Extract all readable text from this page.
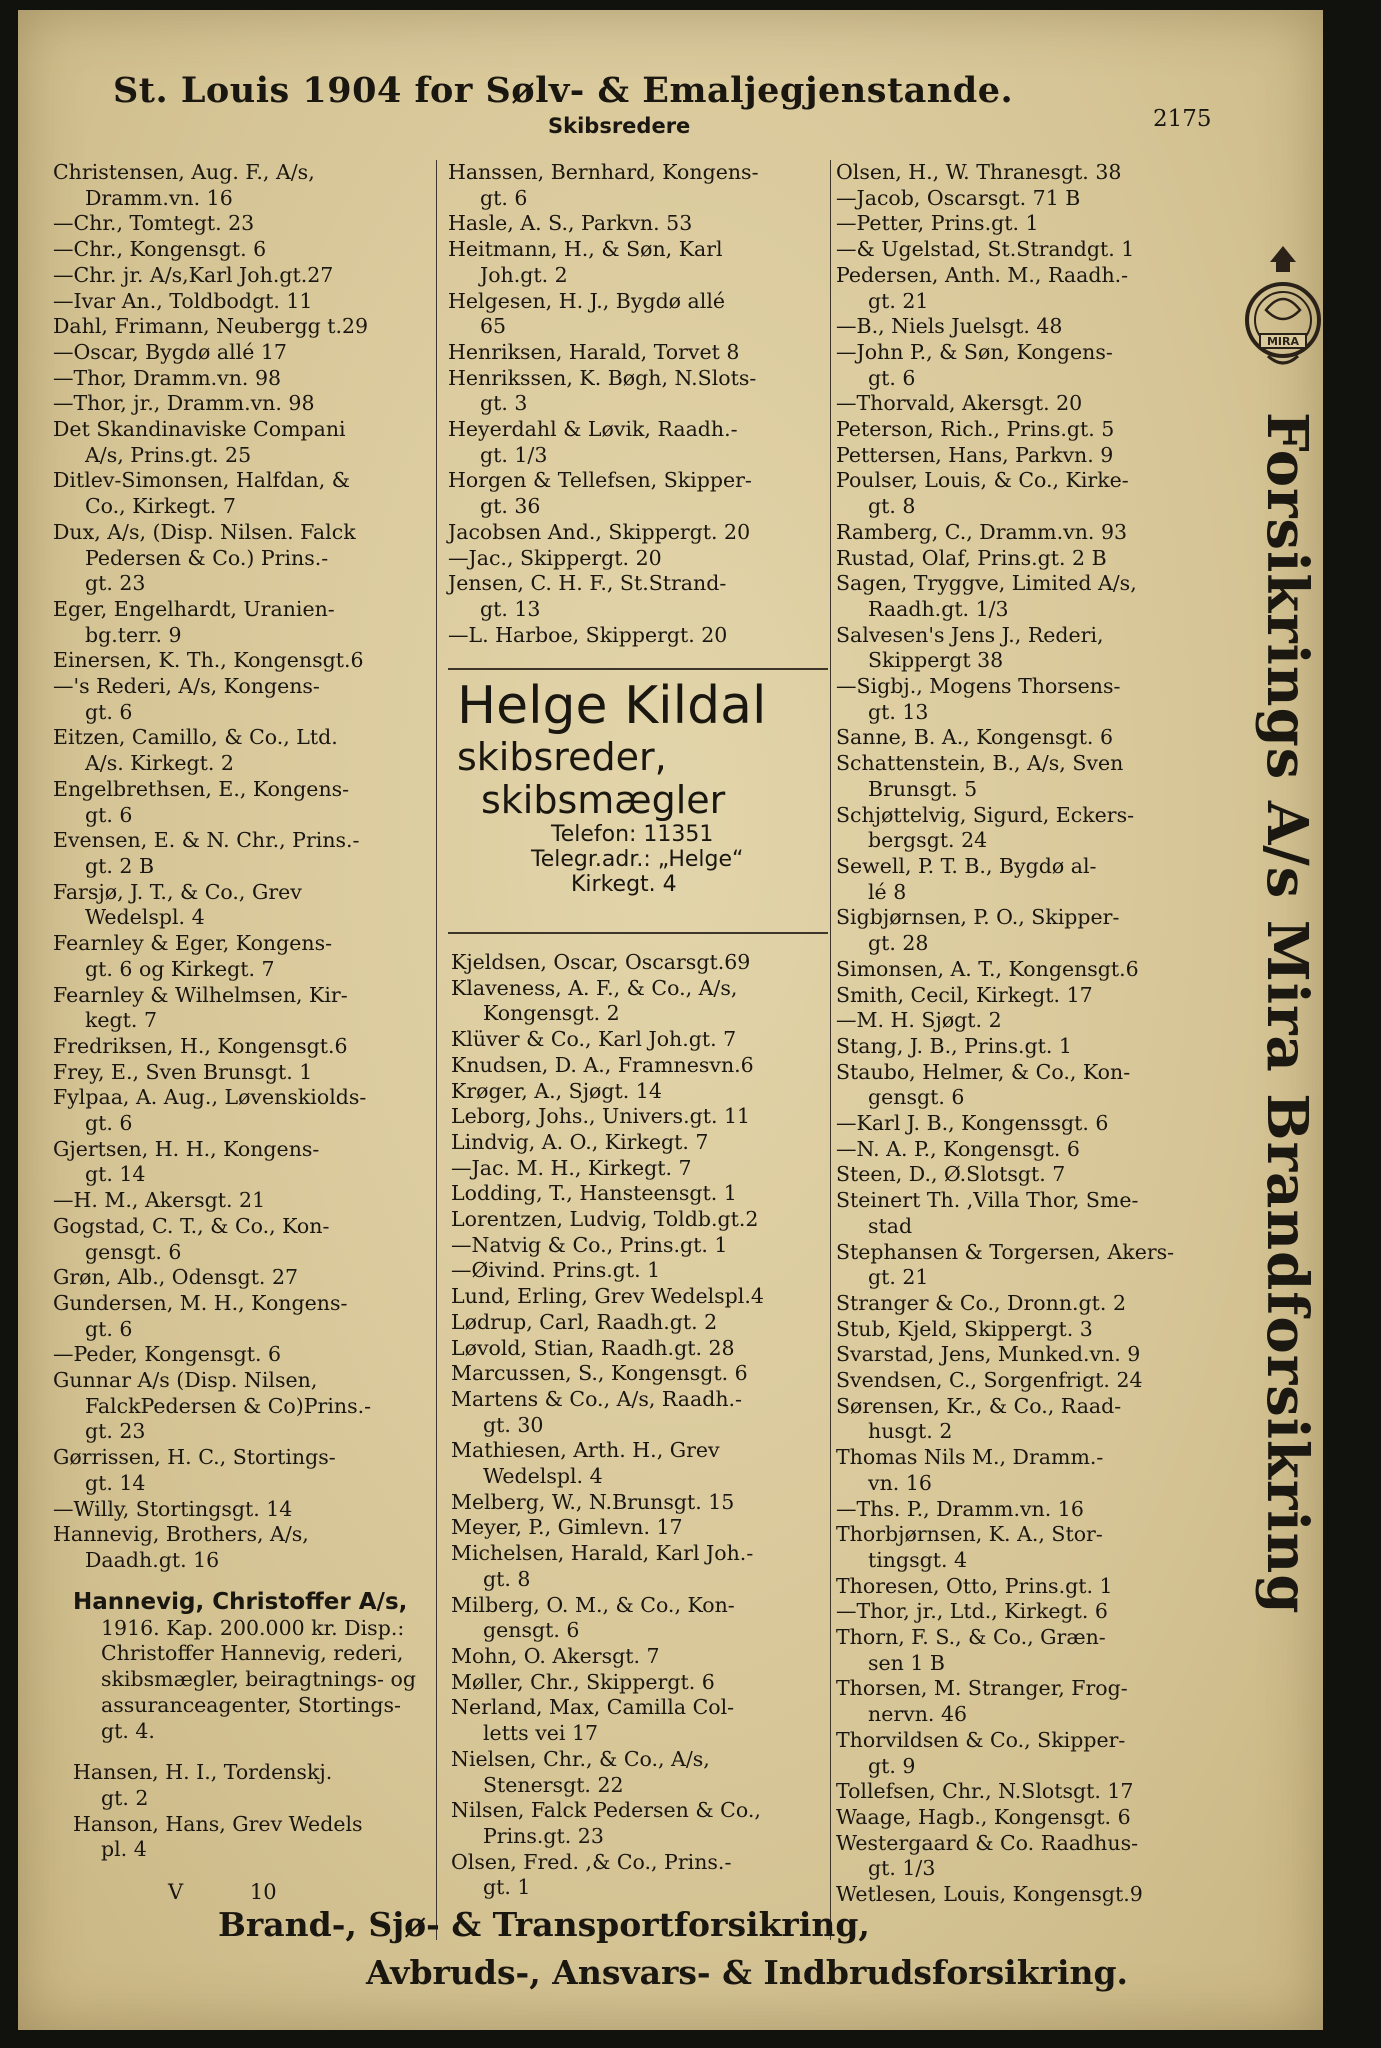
St. Louis 1904 for Sølv- & Emaljegjenstande.
Skibsredere	2175
Christensen, Aug. F., A/s,
Dramm.vn. 16
—Chr., Tomtegt. 23
—Chr., Kongensgt. 6
—Chr. jr. A/s,Karl Joh.gt.27
—Ivar An., Toldbodgt. 11
Dahl, Frimann, Neubergg t.29
—Oscar, Bygdø allé 17
—Thor, Dramm.vn. 98
—Thor, jr., Dramm.vn. 98
Det Skandinaviske Compani
A/s, Prins.gt. 25
Ditlev-Simonsen, Halfdan, &
Co., Kirkegt. 7
Dux, A/s, (Disp. Nilsen. Falck
Pedersen & Co.) Prins.-
gt. 23
Eger, Engelhardt, Uranien-
bg.terr. 9
Einersen, K. Th., Kongensgt.6
—'s Rederi, A/s, Kongens-
gt. 6
Eitzen, Camillo, & Co., Ltd.
A/s. Kirkegt. 2
Engelbrethsen, E., Kongens-
gt. 6
Evensen, E. & N. Chr., Prins.-
gt. 2 B
Farsjø, J. T., & Co., Grev
Wedelspl. 4
Fearnley & Eger, Kongens-
gt. 6 og Kirkegt. 7
Fearnley & Wilhelmsen, Kir-
kegt. 7
Fredriksen, H., Kongensgt.6
Frey, E., Sven Brunsgt. 1
Fylpaa, A. Aug., Løvenskiolds-
gt. 6
Gjertsen, H. H., Kongens-
gt. 14
—H. M., Akersgt. 21
Gogstad, C. T., & Co., Kon-
gensgt. 6
Grøn, Alb., Odensgt. 27
Gundersen, M. H., Kongens-
gt. 6
—Peder, Kongensgt. 6
Gunnar A/s (Disp. Nilsen,
FalckPedersen & Co)Prins.-
gt. 23
Gørrissen, H. C., Stortings-
gt. 14
—Willy, Stortingsgt. 14
Hannevig, Brothers, A/s,
Daadh.gt. 16
Hanssen, Bernhard, Kongens-
gt. 6
Hasle, A. S., Parkvn. 53
Heitmann, H., & Søn, Karl
Joh.gt. 2
Helgesen, H. J., Bygdø allé
65
Henriksen, Harald, Torvet 8
Henrikssen, K. Bøgh, N.Slots-
gt. 3
Heyerdahl & Løvik, Raadh.-
gt. 1/3
Horgen & Tellefsen, Skipper-
gt. 36
Jacobsen And., Skippergt. 20
—Jac., Skippergt. 20
Jensen, C. H. F., St.Strand-
gt. 13
—L. Harboe, Skippergt. 20
Helge Kildal
skibsreder,
skibsmægler
Telefon: 11351
Telegr.adr.: „Helge“
Kirkegt. 4
Kjeldsen, Oscar, Oscarsgt.69
Klaveness, A. F., & Co., A/s,
Kongensgt. 2
Klüver & Co., Karl Joh.gt. 7
Knudsen, D. A., Framnesvn.6
Krøger, A., Sjøgt. 14
Leborg, Johs., Univers.gt. 11
Lindvig, A. O., Kirkegt. 7
—Jac. M. H., Kirkegt. 7
Lodding, T., Hansteensgt. 1
Lorentzen, Ludvig, Toldb.gt.2
—Natvig & Co., Prins.gt. 1
—Øivind. Prins.gt. 1
Lund, Erling, Grev Wedelspl.4
Lødrup, Carl, Raadh.gt. 2
Løvold, Stian, Raadh.gt. 28
Marcussen, S., Kongensgt. 6
Martens & Co., A/s, Raadh.-
gt. 30
Mathiesen, Arth. H., Grev
Wedelspl. 4
Melberg, W., N.Brunsgt. 15
Meyer, P., Gimlevn. 17
Michelsen, Harald, Karl Joh.-
gt. 8
Milberg, O. M., & Co., Kon-
gensgt. 6
Mohn, O. Akersgt. 7
Møller, Chr., Skippergt. 6
Nerland, Max, Camilla Col-
letts vei 17
Nielsen, Chr., & Co., A/s,
Stenersgt. 22
Nilsen, Falck Pedersen & Co.,
Prins.gt. 23
Olsen, Fred. ,& Co., Prins.-
gt. 1
Olsen, H., W. Thranesgt. 38
—Jacob, Oscarsgt. 71 B
—Petter, Prins.gt. 1
—& Ugelstad, St.Strandgt. 1
Pedersen, Anth. M., Raadh.-
gt. 21
—B., Niels Juelsgt. 48
—John P., & Søn, Kongens-
gt. 6
—Thorvald, Akersgt. 20
Peterson, Rich., Prins.gt. 5
Pettersen, Hans, Parkvn. 9
Poulser, Louis, & Co., Kirke-
gt. 8
Ramberg, C., Dramm.vn. 93
Rustad, Olaf, Prins.gt. 2 B
Sagen, Tryggve, Limited A/s,
Raadh.gt. 1/3
Salvesen's Jens J., Rederi,
Skippergt 38
—Sigbj., Mogens Thorsens-
gt. 13
Sanne, B. A., Kongensgt. 6
Schattenstein, B., A/s, Sven
Brunsgt. 5
Schjøttelvig, Sigurd, Eckers-
bergsgt. 24
Sewell, P. T. B., Bygdø al-
lé 8
Sigbjørnsen, P. O., Skipper-
gt. 28
Simonsen, A. T., Kongensgt.6
Smith, Cecil, Kirkegt. 17
—M. H. Sjøgt. 2
Stang, J. B., Prins.gt. 1
Staubo, Helmer, & Co., Kon-
gensgt. 6
—Karl J. B., Kongenssgt. 6
—N. A. P., Kongensgt. 6
Steen, D., Ø.Slotsgt. 7
Steinert Th. ,Villa Thor, Sme-
stad
Stephansen & Torgersen, Akers-
gt. 21
Stranger & Co., Dronn.gt. 2
Stub, Kjeld, Skippergt. 3
Svarstad, Jens, Munked.vn. 9
Svendsen, C., Sorgenfrigt. 24
Sørensen, Kr., & Co., Raad-
husgt. 2
Thomas Nils M., Dramm.-
vn. 16
—Ths. P., Dramm.vn. 16
Thorbjørnsen, K. A., Stor-
tingsgt. 4
Thoresen, Otto, Prins.gt. 1
—Thor, jr., Ltd., Kirkegt. 6
Thorn, F. S., & Co., Græn-
sen 1 B
Thorsen, M. Stranger, Frog-
nervn. 46
Thorvildsen & Co., Skipper-
gt. 9
Tollefsen, Chr., N.Slotsgt. 17
Waage, Hagb., Kongensgt. 6
Westergaard & Co. Raadhus-
gt. 1/3
Wetlesen, Louis, Kongensgt.9
Hannevig, Christoffer A/s,
1916. Kap. 200.000 kr. Disp.:
Christoffer Hannevig, rederi,
skibsmægler, beiragtnings- og
assuranceagenter, Stortings-
gt. 4.
Hansen, H. I., Tordenskj.
gt. 2
Hanson, Hans, Grev Wedels
pl. 4
V 10
MIRA
Forsikrings A/s Mira Brandforsikring
Brand-, Sjø- & Transportforsikring,
Avbruds-, Ansvars- & Indbrudsforsikring.
